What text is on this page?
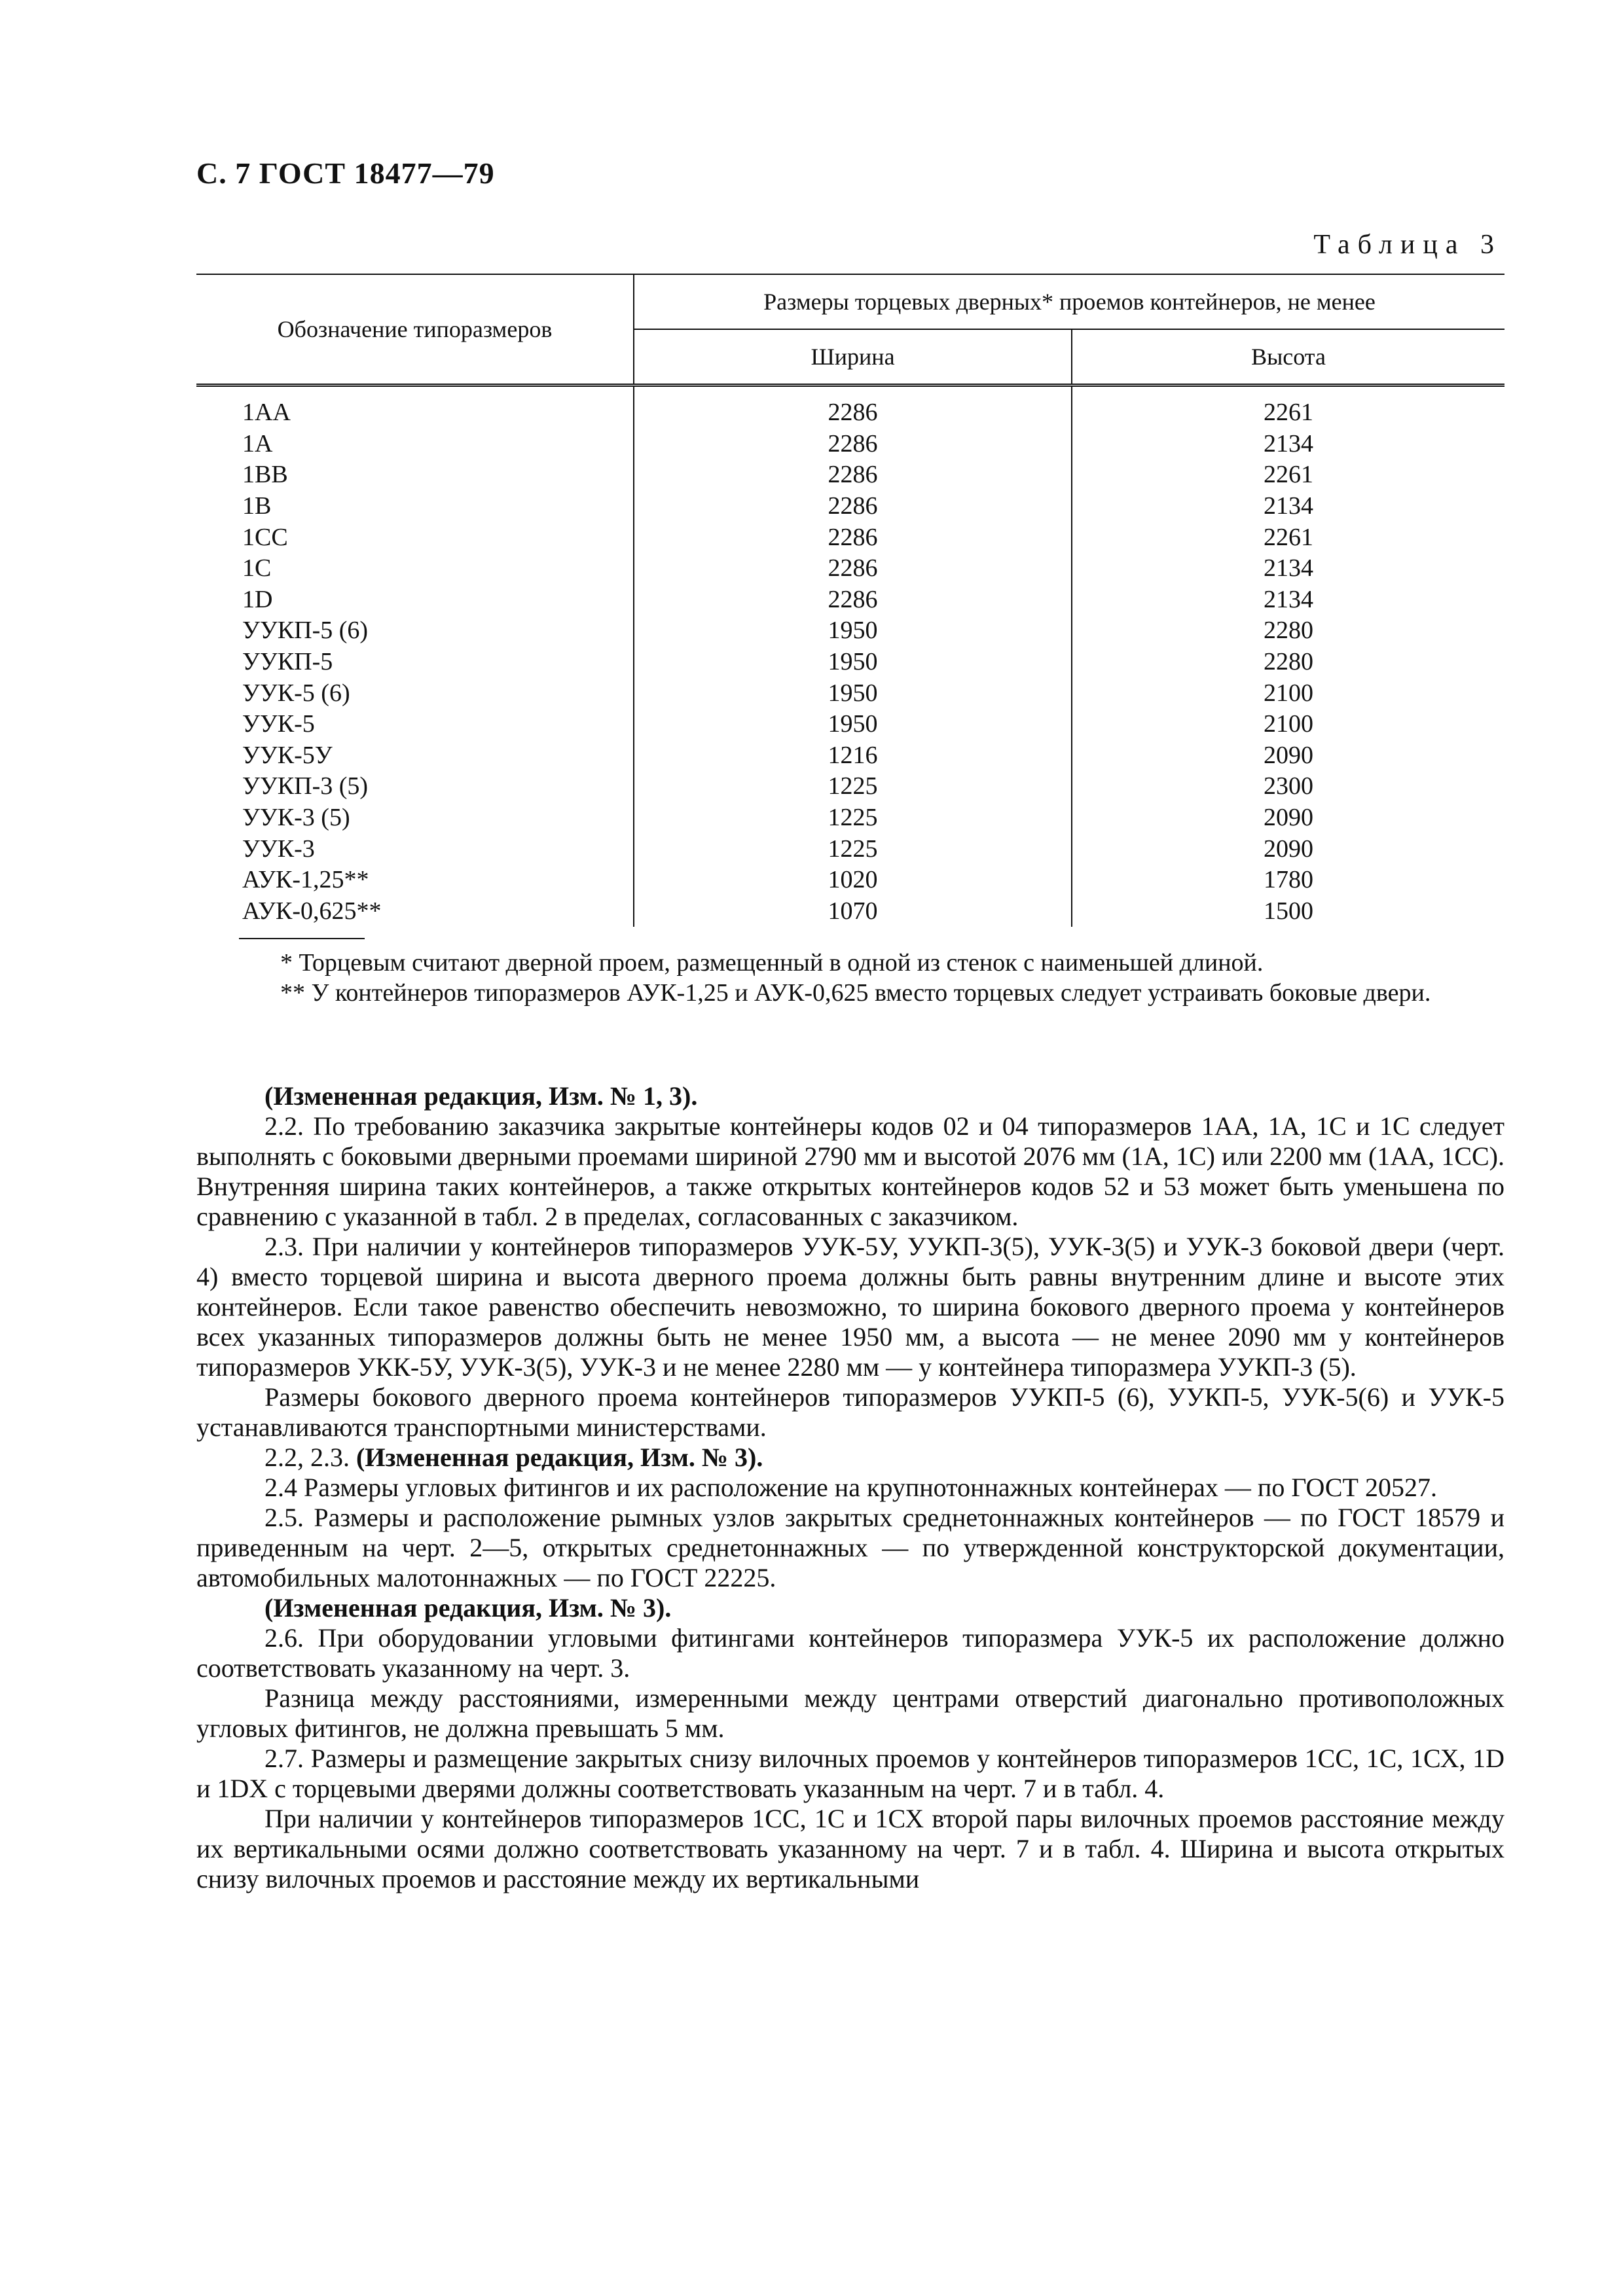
С. 7 ГОСТ 18477—79
Таблица 3
Обозначение типоразмеров	Размеры торцевых дверных* проемов контейнеров, не менее	
	Ширина	Высота
1АА	2286	2261
1А	2286	2134
1ВВ	2286	2261
1В	2286	2134
1СС	2286	2261
1С	2286	2134
1D	2286	2134
УУКП-5 (6)	1950	2280
УУКП-5	1950	2280
УУК-5 (6)	1950	2100
УУК-5	1950	2100
УУК-5У	1216	2090
УУКП-3 (5)	1225	2300
УУК-3 (5)	1225	2090
УУК-3	1225	2090
АУК-1,25**	1020	1780
АУК-0,625**	1070	1500

* Торцевым считают дверной проем, размещенный в одной из стенок с наименьшей длиной.

** У контейнеров типоразмеров АУК-1,25 и АУК-0,625 вместо торцевых следует устраивать боковые двери.

(Измененная редакция, Изм. № 1, 3).

2.2. По требованию заказчика закрытые контейнеры кодов 02 и 04 типоразмеров 1АА, 1А, 1С и 1С следует выполнять с боковыми дверными проемами шириной 2790 мм и высотой 2076 мм (1А, 1С) или 2200 мм (1АА, 1СС). Внутренняя ширина таких контейнеров, а также открытых контейнеров кодов 52 и 53 может быть уменьшена по сравнению с указанной в табл. 2 в пределах, согласованных с заказчиком.

2.3. При наличии у контейнеров типоразмеров УУК-5У, УУКП-3(5), УУК-3(5) и УУК-3 боковой двери (черт. 4) вместо торцевой ширина и высота дверного проема должны быть равны внутренним длине и высоте этих контейнеров. Если такое равенство обеспечить невозможно, то ширина бокового дверного проема у контейнеров всех указанных типоразмеров должны быть не менее 1950 мм, а высота — не менее 2090 мм у контейнеров типоразмеров УКК-5У, УУК-3(5), УУК-3 и не менее 2280 мм — у контейнера типоразмера УУКП-3 (5).

Размеры бокового дверного проема контейнеров типоразмеров УУКП-5 (6), УУКП-5, УУК-5(6) и УУК-5 устанавливаются транспортными министерствами.

2.2, 2.3. (Измененная редакция, Изм. № 3).

2.4 Размеры угловых фитингов и их расположение на крупнотоннажных контейнерах — по ГОСТ 20527.

2.5. Размеры и расположение рымных узлов закрытых среднетоннажных контейнеров — по ГОСТ 18579 и приведенным на черт. 2—5, открытых среднетоннажных — по утвержденной конструкторской документации, автомобильных малотоннажных — по ГОСТ 22225.

(Измененная редакция, Изм. № 3).

2.6. При оборудовании угловыми фитингами контейнеров типоразмера УУК-5 их расположение должно соответствовать указанному на черт. 3.

Разница между расстояниями, измеренными между центрами отверстий диагонально противоположных угловых фитингов, не должна превышать 5 мм.

2.7. Размеры и размещение закрытых снизу вилочных проемов у контейнеров типоразмеров 1СС, 1С, 1СХ, 1D и 1DX с торцевыми дверями должны соответствовать указанным на черт. 7 и в табл. 4.

При наличии у контейнеров типоразмеров 1СС, 1С и 1СХ второй пары вилочных проемов расстояние между их вертикальными осями должно соответствовать указанному на черт. 7 и в табл. 4. Ширина и высота открытых снизу вилочных проемов и расстояние между их вертикальными
